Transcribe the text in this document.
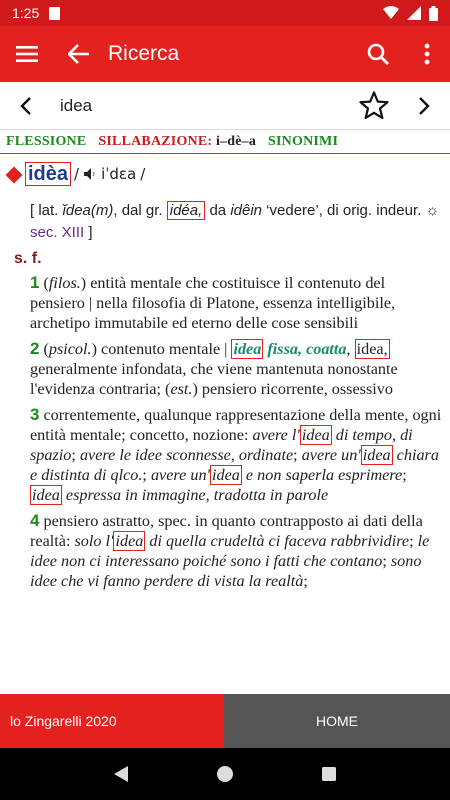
1:25
Ricerca
idea
FLESSIONE SILLABAZIONE: i–dè–a SINONIMI
idèa / iˈdɛa /
[ lat. ĭdea(m), dal gr. idéa, da idêin ‘vedere’, di orig. indeur. ☼ sec. XIII ]
s. f.
1 (filos.) entità mentale che costituisce il contenuto del pensiero | nella filosofia di Platone, essenza intelligibile, archetipo immutabile ed eterno delle cose sensibili
2 (psicol.) contenuto mentale | idea fissa, coatta, idea, generalmente infondata, che viene mantenuta nonostante l'evidenza contraria; (est.) pensiero ricorrente, ossessivo
3 correntemente, qualunque rappresentazione della mente, ogni entità mentale; concetto, nozione: avere l' idea di tempo, di spazio; avere le idee sconnesse, ordinate; avere un' idea chiara e distinta di qlco.; avere un' idea e non saperla esprimere; idea espressa in immagine, tradotta in parole
4 pensiero astratto, spec. in quanto contrapposto ai dati della realtà: solo l' idea di quella crudeltà ci faceva rabbrividire; le idee non ci interessano poiché sono i fatti che contano; sono idee che vi fanno perdere di vista la realtà;
lo Zingarelli 2020	HOME
